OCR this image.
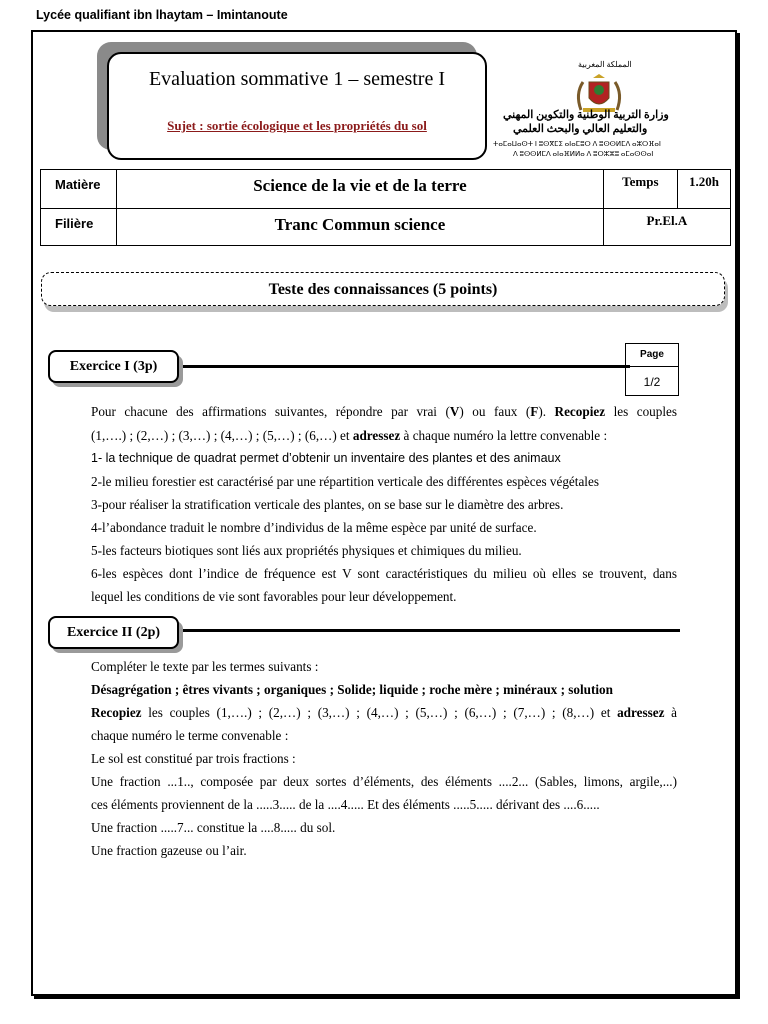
Lycée qualifiant ibn lhaytam – Imintanoute
Evaluation sommative 1 – semestre I
Sujet : sortie écologique et les propriétés du sol
المملكة المغربية
وزارة التربية الوطنية والتكوين المهني
والتعليم العالي والبحث العلمي
ⵜⴰⵎⴰⵡⴰⵙⵜ ⵏ ⵓⵙⴳⵎⵉ ⴰⵏⴰⵎⵓⵔ ⴷ ⵓⵙⵙⵍⵎⴷ ⴰⵣⵔⴼⴰⵏ
ⴷ ⵓⵙⵙⵍⵎⴷ ⴰⵏⴰⴼⵍⵍⴰ ⴷ ⵓⵔⵣⵣⵓ ⴰⵎⴰⵙⵙⴰⵏ
Matière	Science de la vie et de la terre	Temps	1.20h
Filière	Tranc Commun science	Pr.El.A	
Teste des connaissances (5 points)
Exercice I (3p)
Page
1/2
Pour chacune des affirmations suivantes, répondre par vrai (V) ou faux (F). Recopiez les couples
(1,….) ; (2,…) ; (3,…) ; (4,…) ; (5,…) ; (6,…) et adressez à chaque numéro la lettre convenable :
1- la technique de quadrat permet d’obtenir un inventaire des plantes et des animaux
2-le milieu forestier est caractérisé par une répartition verticale des différentes espèces végétales
3-pour réaliser la stratification verticale des plantes, on se base sur le diamètre des arbres.
4-l’abondance traduit le nombre d’individus de la même espèce par unité de surface.
5-les facteurs biotiques sont liés aux propriétés physiques et chimiques du milieu.
6-les espèces dont l’indice de fréquence est V sont caractéristiques du milieu où elles se trouvent, dans
lequel les conditions de vie sont favorables pour leur développement.
Exercice II (2p)
Compléter le texte par les termes suivants :
Désagrégation ; êtres vivants ; organiques ; Solide; liquide ; roche mère ; minéraux ; solution
Recopiez les couples (1,….) ; (2,…) ; (3,…) ; (4,…) ; (5,…) ; (6,…) ; (7,…) ; (8,…) et adressez à
chaque numéro le terme convenable :
Le sol est constitué par trois fractions :
Une fraction ...1.., composée par deux sortes d’éléments, des éléments ....2... (Sables, limons, argile,...)
ces éléments proviennent de la .....3..... de la ....4..... Et des éléments .....5..... dérivant des ....6.....
Une fraction .....7... constitue la ....8..... du sol.
Une fraction gazeuse ou l’air.
